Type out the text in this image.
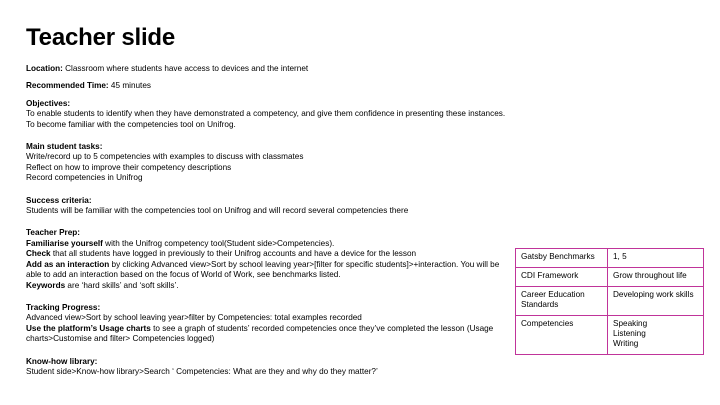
Teacher slide
Location: Classroom where students have access to devices and the internet
Recommended Time: 45 minutes
Objectives:
To enable students to identify when they have demonstrated a competency, and give them confidence in presenting these instances.
To become familiar with the competencies tool on Unifrog.
Main student tasks:
Write/record up to 5 competencies with examples to discuss with classmates
Reflect on how to improve their competency descriptions
Record competencies in Unifrog
Success criteria:
Students will be familiar with the competencies tool on Unifrog and will record several competencies there
Teacher Prep:
Familiarise yourself with the Unifrog competency tool(Student side>Competencies).
Check that all students have logged in previously to their Unifrog accounts and have a device for the lesson
Add as an interaction by clicking Advanced view>Sort by school leaving year>[filter for specific students]>+interaction. You will be able to add an interaction based on the focus of World of Work, see benchmarks listed.
Keywords are ‘hard skills’ and ‘soft skills’.
Tracking Progress:
Advanced view>Sort by school leaving year>filter by Competencies: total examples recorded
Use the platform’s Usage charts to see a graph of students’ recorded competencies once they’ve completed the lesson (Usage charts>Customise and filter> Competencies logged)
Know-how library:
Student side>Know-how library>Search ‘ Competencies: What are they and why do they matter?’
Gatsby Benchmarks	1, 5

CDI Framework	Grow throughout life

Career Education Standards	Developing work skills

Competencies	Speaking
Listening
Writing
